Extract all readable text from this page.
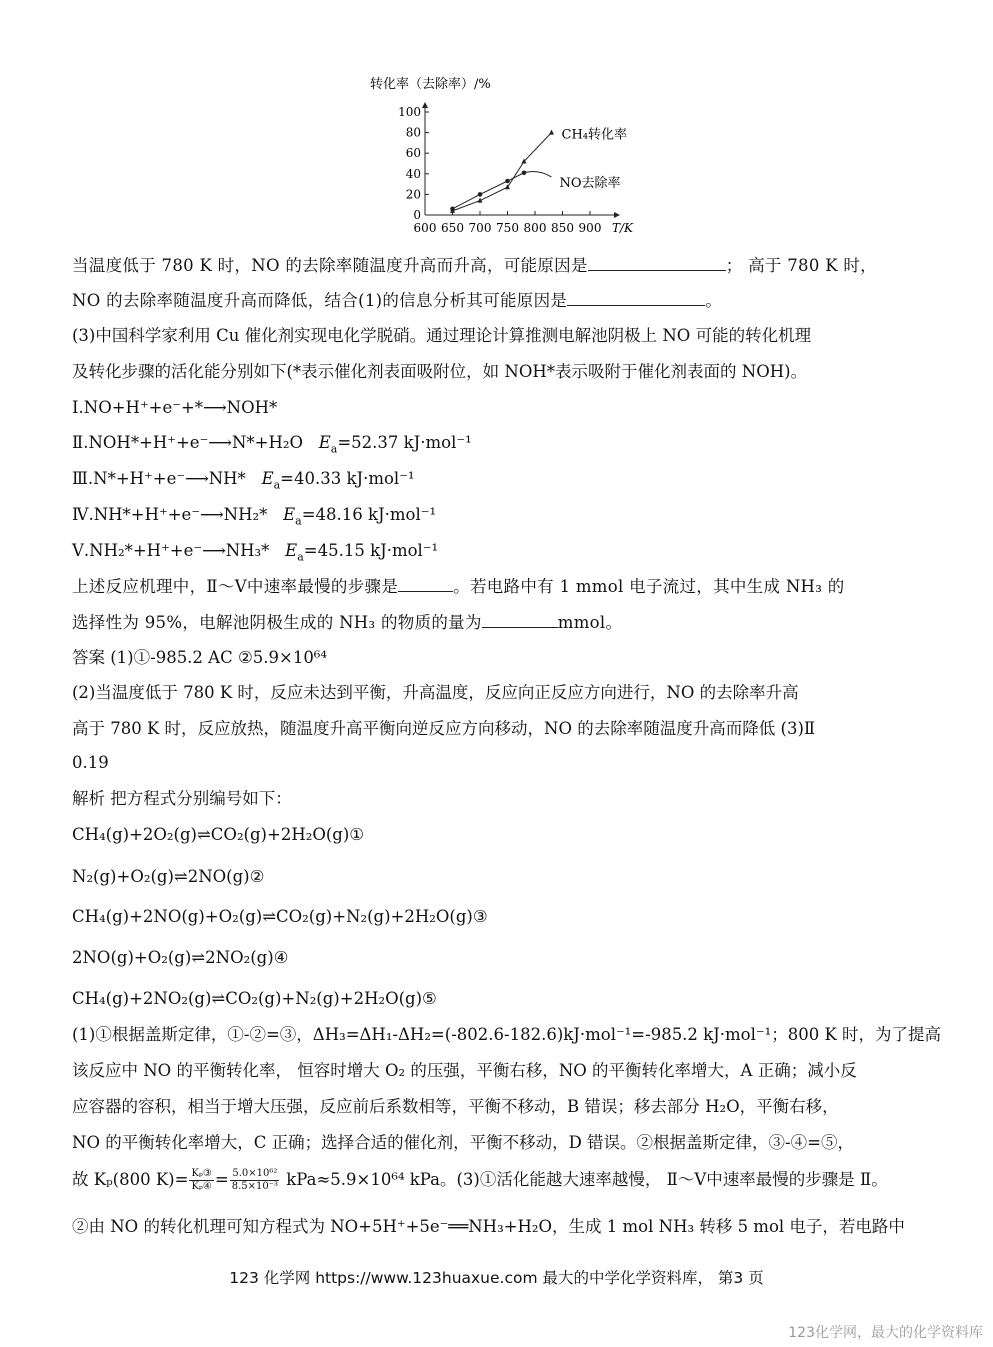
转化率（去除率）/%
0
20
40
60
80
100
600 650 700 750 800 850 900 T/K
CH₄转化率
NO去除率
当温度低于 780 K 时，NO 的去除率随温度升高而升高，可能原因是	； 高于 780 K 时，
NO 的去除率随温度升高而降低，结合(1)的信息分析其可能原因是	。
(3)中国科学家利用 Cu 催化剂实现电化学脱硝。通过理论计算推测电解池阴极上 NO 可能的转化机理
及转化步骤的活化能分别如下(*表示催化剂表面吸附位，如 NOH*表示吸附于催化剂表面的 NOH)。
Ⅰ.NO+H⁺+e⁻+*⟶NOH*
Ⅱ.NOH*+H⁺+e⁻⟶N*+H₂O $E_a=52.37$ kJ·mol⁻¹
Ⅲ.N*+H⁺+e⁻⟶NH* $E_a=40.33$ kJ·mol⁻¹
Ⅳ.NH*+H⁺+e⁻⟶NH₂* $E_a=48.16$ kJ·mol⁻¹
Ⅴ.NH₂*+H⁺+e⁻⟶NH₃* $E_a=45.15$ kJ·mol⁻¹
上述反应机理中，Ⅱ～Ⅴ中速率最慢的步骤是	。若电路中有 1 mmol 电子流过，其中生成 NH₃ 的
选择性为 95%，电解池阴极生成的 NH₃ 的物质的量为	mmol。
答案 (1)①-985.2 AC ②5.9×10⁶⁴
(2)当温度低于 780 K 时，反应未达到平衡，升高温度，反应向正反应方向进行，NO 的去除率升高
高于 780 K 时，反应放热，随温度升高平衡向逆反应方向移动，NO 的去除率随温度升高而降低 (3)Ⅱ
0.19
解析 把方程式分别编号如下：
CH₄(g)+2O₂(g)⇌CO₂(g)+2H₂O(g)①
N₂(g)+O₂(g)⇌2NO(g)②
CH₄(g)+2NO(g)+O₂(g)⇌CO₂(g)+N₂(g)+2H₂O(g)③
2NO(g)+O₂(g)⇌2NO₂(g)④
CH₄(g)+2NO₂(g)⇌CO₂(g)+N₂(g)+2H₂O(g)⑤
(1)①根据盖斯定律，①-②=③，ΔH₃=ΔH₁-ΔH₂=(-802.6-182.6)kJ·mol⁻¹=-985.2 kJ·mol⁻¹；800 K 时，为了提高
该反应中 NO 的平衡转化率， 恒容时增大 O₂ 的压强，平衡右移，NO 的平衡转化率增大，A 正确；减小反
应容器的容积，相当于增大压强，反应前后系数相等，平衡不移动，B 错误；移去部分 H₂O，平衡右移，
NO 的平衡转化率增大，C 正确；选择合适的催化剂，平衡不移动，D 错误。②根据盖斯定律，③-④=⑤，
故 Kₚ(800 $K)= \frac{\text{Kₚ③}}{\text{Kₚ④}} = \frac{\text{5.0×10⁶²}}{\text{8.5×10⁻³}} kPa\approx 5.9\times 10^{64}$ kPa。(3)①活化能越大速率越慢， Ⅱ～Ⅴ中速率最慢的步骤是 Ⅱ。
②由 NO 的转化机理可知方程式为 NO+5H⁺+5e⁻══NH₃+H₂O，生成 1 mol NH₃ 转移 5 mol 电子，若电路中
123 化学网 https://www.123huaxue.com 最大的中学化学资料库， 第3 页
123化学网，最大的化学资料库
